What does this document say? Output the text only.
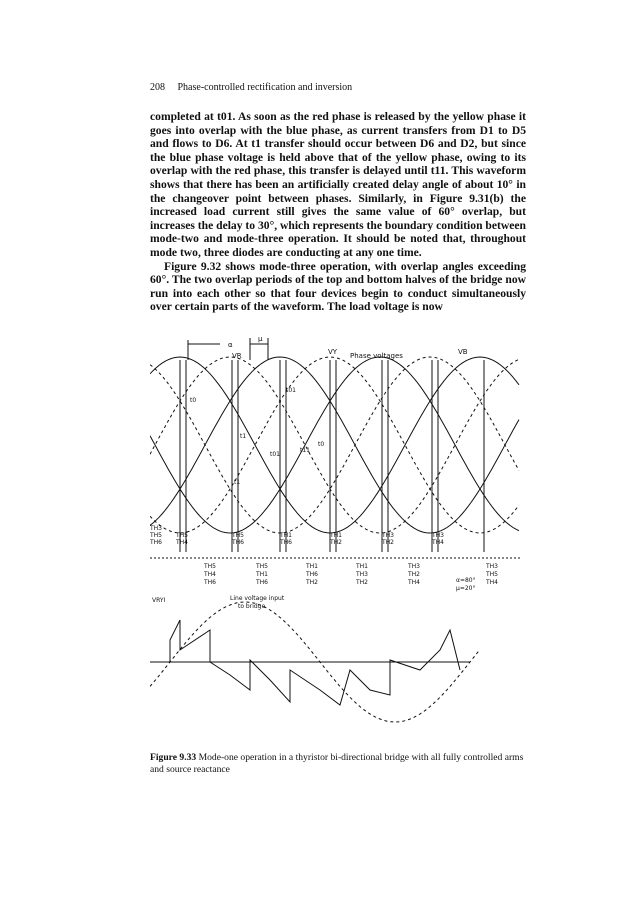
208 Phase-controlled rectification and inversion

completed at t01. As soon as the red phase is released by the yellow phase it goes into overlap with the blue phase, as current transfers from D1 to D5 and flows to D6. At t1 transfer should occur between D6 and D2, but since the blue phase voltage is held above that of the yellow phase, owing to its overlap with the red phase, this transfer is delayed until t11. This waveform shows that there has been an artificially created delay angle of about 10° in the changeover point between phases. Similarly, in Figure 9.31(b) the increased load current still gives the same value of 60° overlap, but increases the delay to 30°, which represents the boundary condition between mode-two and mode-three operation. It should be noted that, throughout mode two, three diodes are conducting at any one time.

Figure 9.32 shows mode-three operation, with overlap angles exceeding 60°. The two overlap periods of the top and bottom halves of the bridge now run into each other so that four devices begin to conduct simultaneously over certain parts of the waveform. The load voltage is now

α
μ
VR	VY Phase voltages	VB
t0
t01
t1
t11
t0
t1
t01
TH3
TH5
TH6
TH5
TH4
TH5
TH6
TH1
TH6
TH1
TH2
TH3
TH2
TH3
TH4
TH5
TH4
TH6
TH5
TH1
TH6
TH1
TH6
TH2
TH1
TH3
TH2
TH3
TH2
TH4
TH3
TH5
TH4
α=80°
μ=20°
VRYI	Line voltage input
to bridge
Figure 9.33 Mode-one operation in a thyristor bi-directional bridge with all fully controlled arms and source reactance
